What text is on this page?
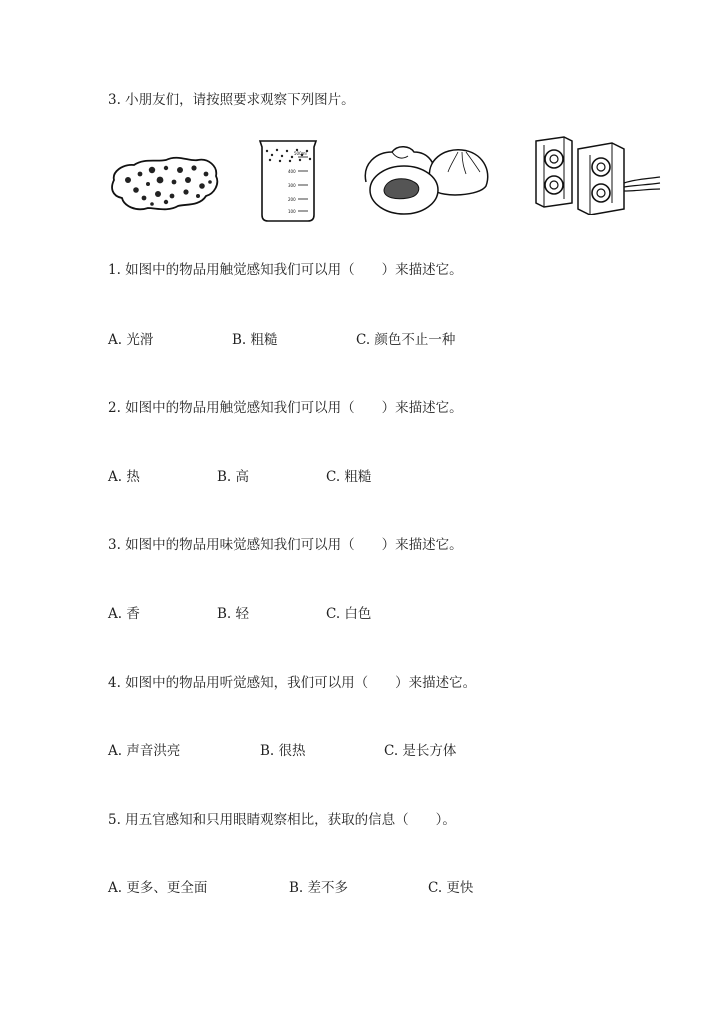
3. 小朋友们，请按照要求观察下列图片。
500ml
400
300
200
100
1. 如图中的物品用触觉感知我们可以用（　　）来描述它。
A. 光滑	B. 粗糙	C. 颜色不止一种
2. 如图中的物品用触觉感知我们可以用（　　）来描述它。
A. 热	B. 高	C. 粗糙
3. 如图中的物品用味觉感知我们可以用（　　）来描述它。
A. 香	B. 轻	C. 白色
4. 如图中的物品用听觉感知，我们可以用（　　）来描述它。
A. 声音洪亮	B. 很热	C. 是长方体
5. 用五官感知和只用眼睛观察相比，获取的信息（　　）。
A. 更多、更全面	B. 差不多	C. 更快
